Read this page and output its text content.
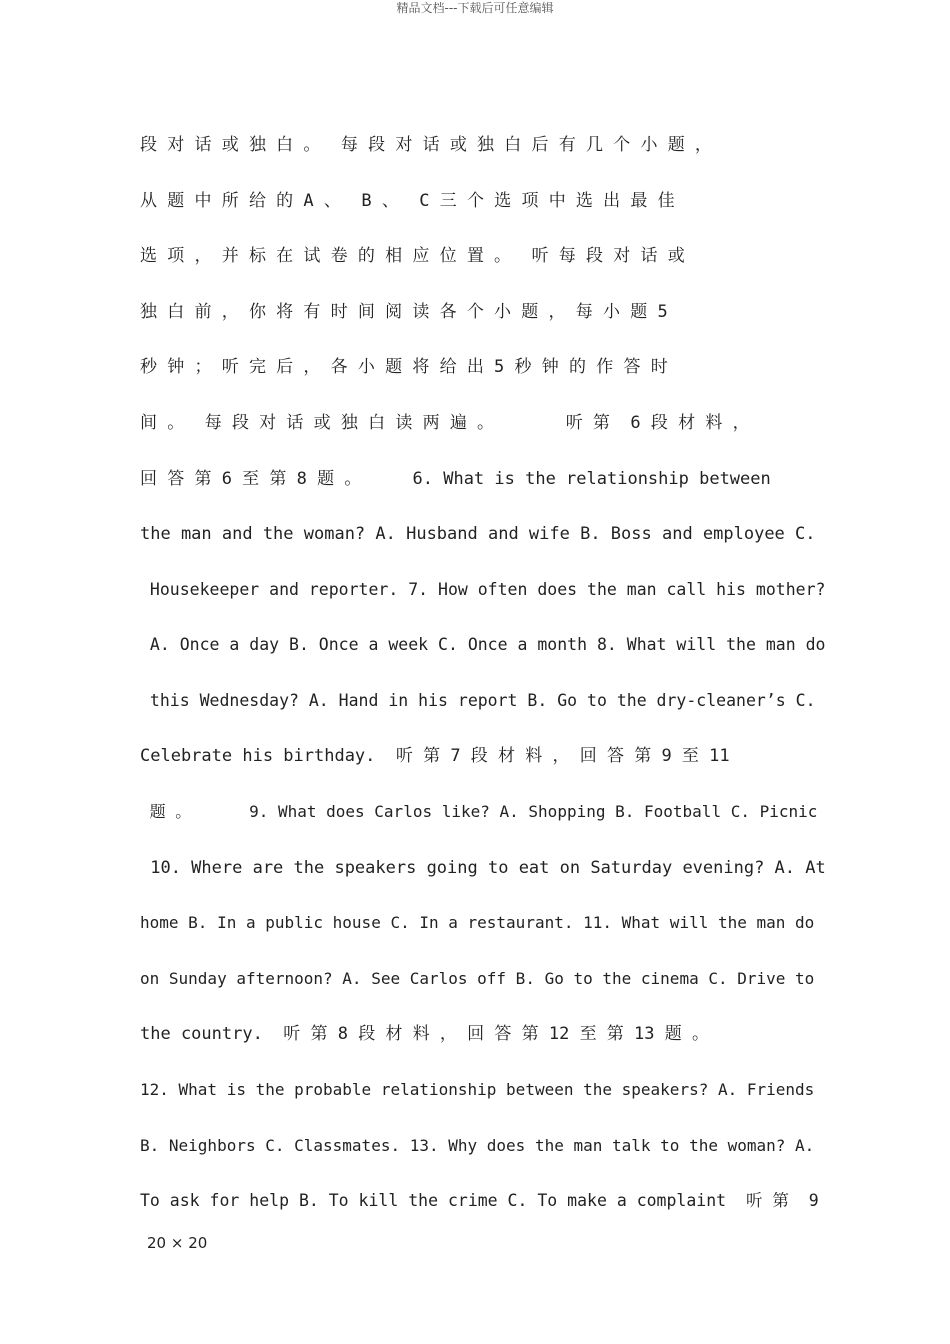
精品文档---下载后可任意编辑
段 对 话 或 独 白 。  每 段 对 话 或 独 白 后 有 几 个 小 题 ，
从 题 中 所 给 的 A 、  B 、  C 三 个 选 项 中 选 出 最 佳
选 项 ， 并 标 在 试 卷 的 相 应 位 置 。  听 每 段 对 话 或
独 白 前 ， 你 将 有 时 间 阅 读 各 个 小 题 ， 每 小 题 5
秒 钟 ； 听 完 后 ， 各 小 题 将 给 出 5 秒 钟 的 作 答 时
间 。  每 段 对 话 或 独 白 读 两 遍 。       听 第  6 段 材 料 ，
回 答 第 6 至 第 8 题 。     6. What is the relationship between
the man and the woman? A. Husband and wife B. Boss and employee C.
Housekeeper and reporter. 7. How often does the man call his mother?
A. Once a day B. Once a week C. Once a month 8. What will the man do
this Wednesday? A. Hand in his report B. Go to the dry-cleaner’s C.
Celebrate his birthday.  听 第 7 段 材 料 ， 回 答 第 9 至 11
题 。      9. What does Carlos like? A. Shopping B. Football C. Picnic
10. Where are the speakers going to eat on Saturday evening? A. At
home B. In a public house C. In a restaurant. 11. What will the man do
on Sunday afternoon? A. See Carlos off B. Go to the cinema C. Drive to
the country.  听 第 8 段 材 料 ， 回 答 第 12 至 第 13 题 。
12. What is the probable relationship between the speakers? A. Friends
B. Neighbors C. Classmates. 13. Why does the man talk to the woman? A.
To ask for help B. To kill the crime C. To make a complaint  听 第  9
20 × 20
